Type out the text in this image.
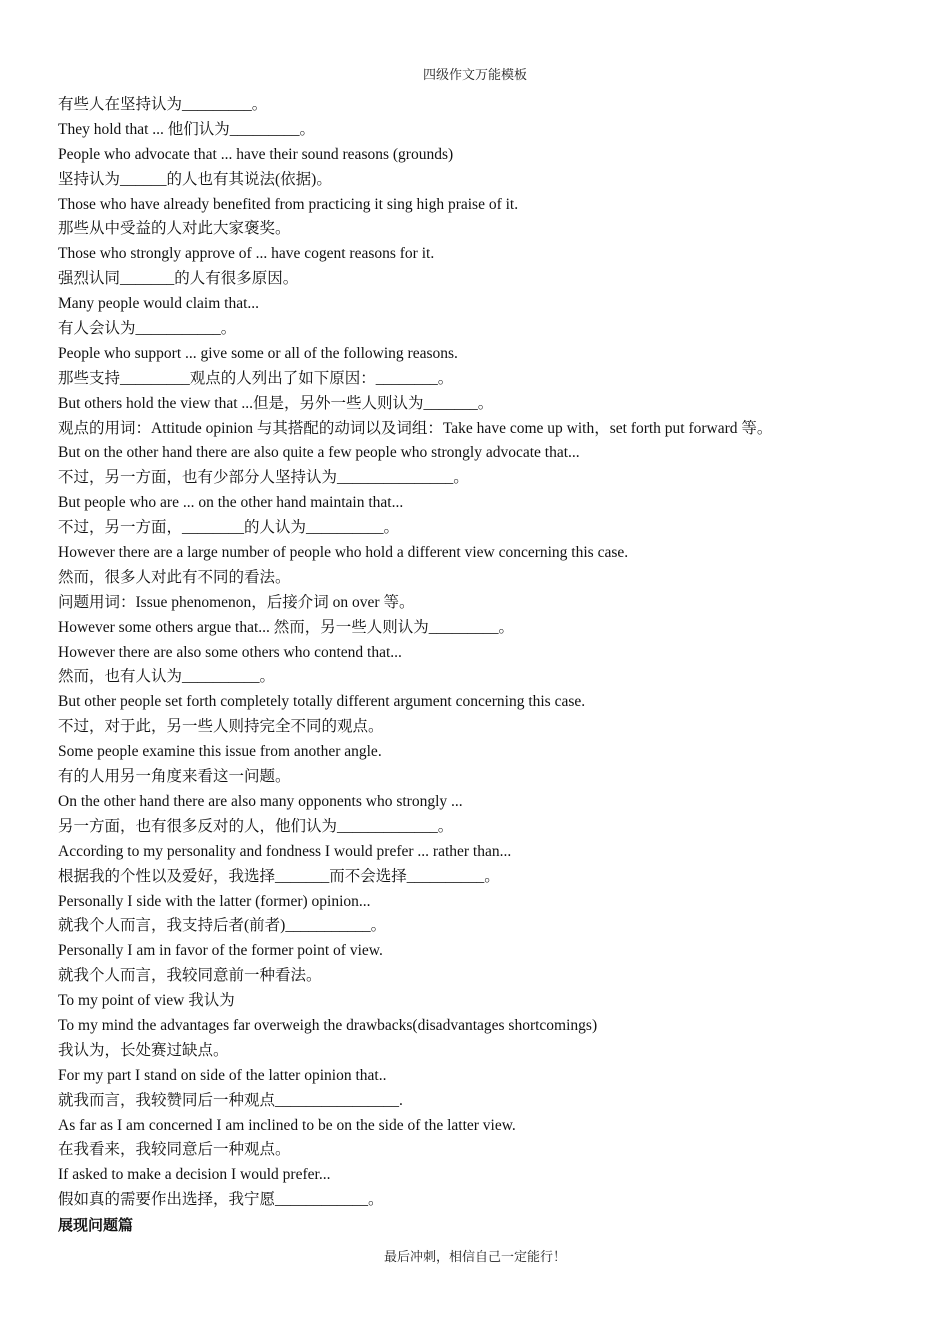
四级作文万能模板
有些人在坚持认为_________。
They hold that ... 他们认为_________。
People who advocate that ... have their sound reasons (grounds)
坚持认为______的人也有其说法(依据)。
Those who have already benefited from practicing it sing high praise of it.
那些从中受益的人对此大家褒奖。
Those who strongly approve of ... have cogent reasons for it.
强烈认同_______的人有很多原因。
Many people would claim that...
有人会认为___________。
People who support ... give some or all of the following reasons.
那些支持_________观点的人列出了如下原因：________。
But others hold the view that ...但是，另外一些人则认为_______。
观点的用词：Attitude opinion 与其搭配的动词以及词组：Take have come up with，set forth put forward 等。
But on the other hand there are also quite a few people who strongly advocate that...
不过，另一方面，也有少部分人坚持认为_______________。
But people who are ... on the other hand maintain that...
不过，另一方面，________的人认为__________。
However there are a large number of people who hold a different view concerning this case.
然而，很多人对此有不同的看法。
问题用词：Issue phenomenon，后接介词 on over 等。
However some others argue that... 然而，另一些人则认为_________。
However there are also some others who contend that...
然而，也有人认为__________。
But other people set forth completely totally different argument concerning this case.
不过，对于此，另一些人则持完全不同的观点。
Some people examine this issue from another angle.
有的人用另一角度来看这一问题。
On the other hand there are also many opponents who strongly ...
另一方面，也有很多反对的人，他们认为_____________。
According to my personality and fondness I would prefer ... rather than...
根据我的个性以及爱好，我选择_______而不会选择__________。
Personally I side with the latter (former) opinion...
就我个人而言，我支持后者(前者)___________。
Personally I am in favor of the former point of view.
就我个人而言，我较同意前一种看法。
To my point of view 我认为
To my mind the advantages far overweigh the drawbacks(disadvantages shortcomings)
我认为，长处赛过缺点。
For my part I stand on side of the latter opinion that..
就我而言，我较赞同后一种观点________________.
As far as I am concerned I am inclined to be on the side of the latter view.
在我看来，我较同意后一种观点。
If asked to make a decision I would prefer...
假如真的需要作出选择，我宁愿____________。
展现问题篇
最后冲刺，相信自己一定能行！
